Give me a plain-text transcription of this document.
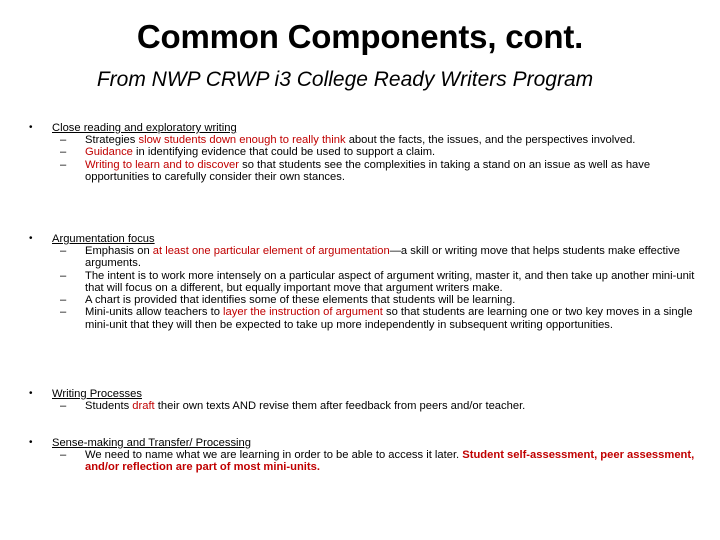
Common Components, cont.
From NWP CRWP i3 College Ready Writers Program
• Close reading and exploratory writing
– Strategies slow students down enough to really think about the facts, the issues, and the perspectives involved.
– Guidance in identifying evidence that could be used to support a claim.
– Writing to learn and to discover so that students see the complexities in taking a stand on an issue as well as have opportunities to carefully consider their own stances.
• Argumentation focus
– Emphasis on at least one particular element of argumentation—a skill or writing move that helps students make effective arguments.
– The intent is to work more intensely on a particular aspect of argument writing, master it, and then take up another mini-unit that will focus on a different, but equally important move that argument writers make.
– A chart is provided that identifies some of these elements that students will be learning.
– Mini-units allow teachers to layer the instruction of argument so that students are learning one or two key moves in a single mini-unit that they will then be expected to take up more independently in subsequent writing opportunities.
• Writing Processes
– Students draft their own texts AND revise them after feedback from peers and/or teacher.
• Sense-making and Transfer/ Processing
– We need to name what we are learning in order to be able to access it later. Student self-assessment, peer assessment, and/or reflection are part of most mini-units.
